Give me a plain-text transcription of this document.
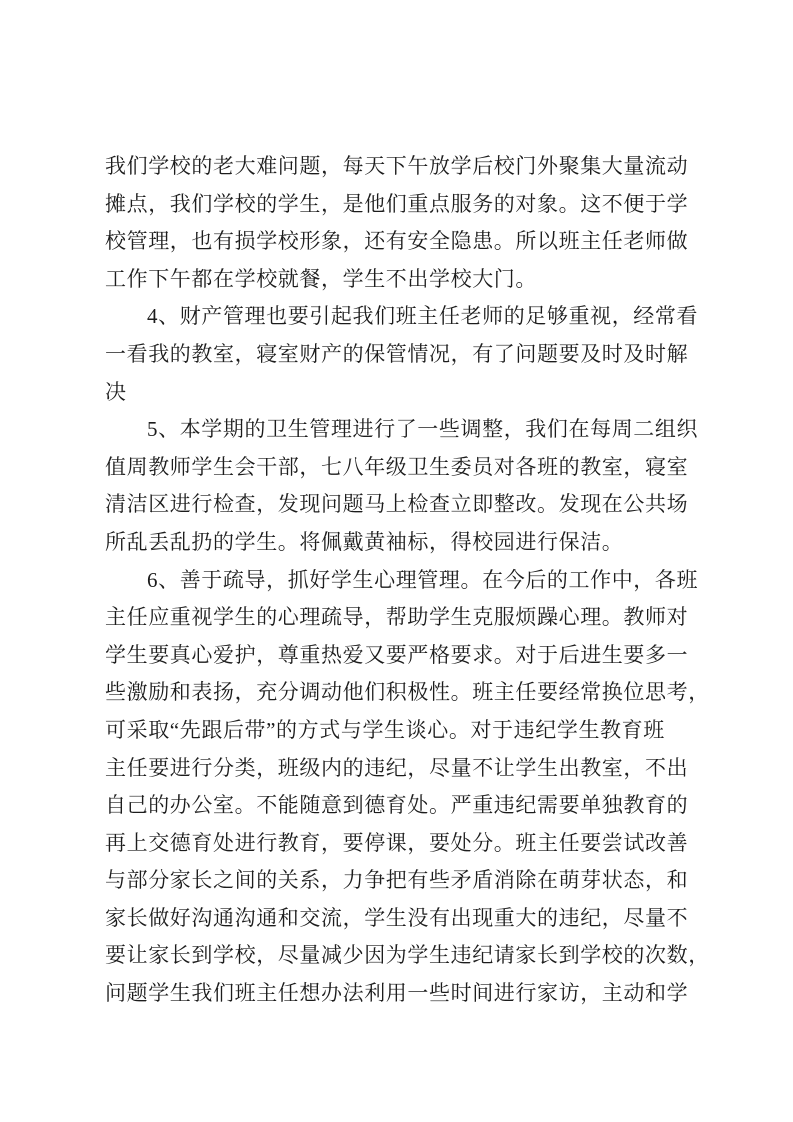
我们学校的老大难问题，每天下午放学后校门外聚集大量流动
摊点，我们学校的学生，是他们重点服务的对象。这不便于学
校管理，也有损学校形象，还有安全隐患。所以班主任老师做
工作下午都在学校就餐，学生不出学校大门。
4、财产管理也要引起我们班主任老师的足够重视，经常看
一看我的教室，寝室财产的保管情况，有了问题要及时及时解
决
5、本学期的卫生管理进行了一些调整，我们在每周二组织
值周教师学生会干部，七八年级卫生委员对各班的教室，寝室
清洁区进行检查，发现问题马上检查立即整改。发现在公共场
所乱丢乱扔的学生。将佩戴黄袖标，得校园进行保洁。
6、善于疏导，抓好学生心理管理。在今后的工作中，各班
主任应重视学生的心理疏导，帮助学生克服烦躁心理。教师对
学生要真心爱护，尊重热爱又要严格要求。对于后进生要多一
些激励和表扬，充分调动他们积极性。班主任要经常换位思考，
可采取“先跟后带”的方式与学生谈心。对于违纪学生教育班
主任要进行分类，班级内的违纪，尽量不让学生出教室，不出
自己的办公室。不能随意到德育处。严重违纪需要单独教育的
再上交德育处进行教育，要停课，要处分。班主任要尝试改善
与部分家长之间的关系，力争把有些矛盾消除在萌芽状态，和
家长做好沟通沟通和交流，学生没有出现重大的违纪，尽量不
要让家长到学校，尽量减少因为学生违纪请家长到学校的次数，
问题学生我们班主任想办法利用一些时间进行家访，主动和学
